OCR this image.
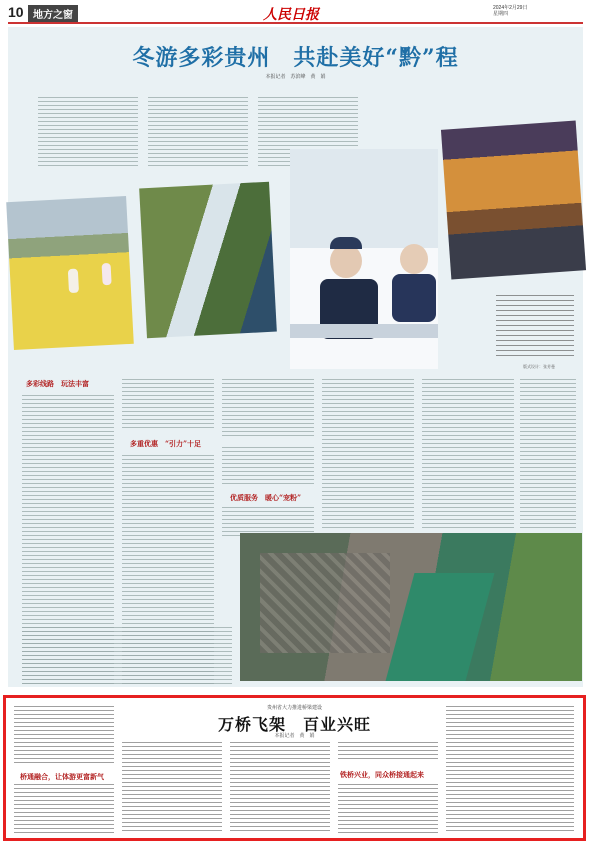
10 地方之窗	人民日报	2024年2月29日
星期四
冬游多彩贵州　共赴美好“黔”程
本报记者　苏滨峰　黄　娟
版式设计：张芳曼
多彩线路　玩法丰富
多重优惠　“引力”十足
优质服务　暖心“宠粉”
贵州省大力推进桥梁建设
万桥飞架　百业兴旺
本报记者　黄　娟
桥通融合，让体游更富新气	铁桥兴业，同众桥接通起来
